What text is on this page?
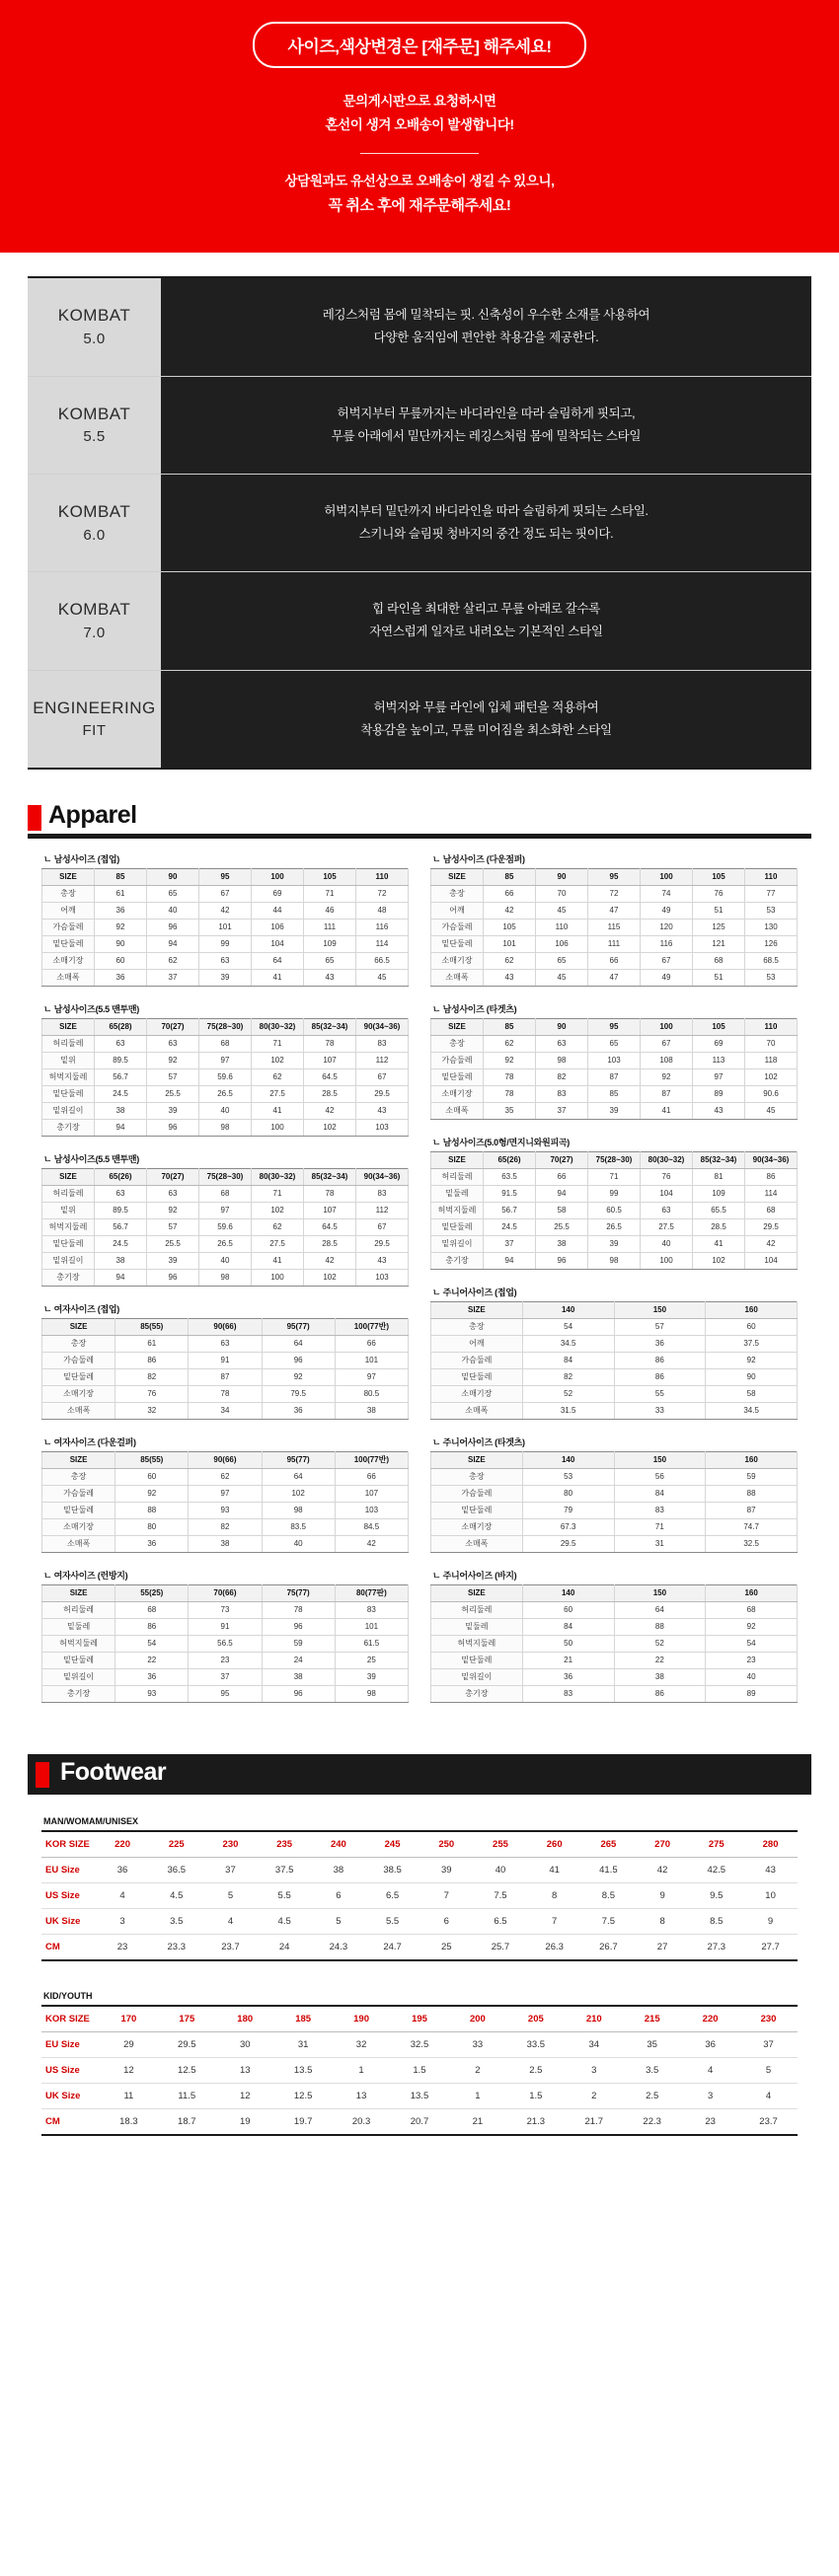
사이즈,색상변경은 [재주문] 해주세요!
문의게시판으로 요청하시면
혼선이 생겨 오배송이 발생합니다!
상담원과도 유선상으로 오배송이 생길 수 있으니,
꼭 취소 후에 재주문해주세요!
KOMBAT
5.0

레깅스처럼 몸에 밀착되는 핏. 신축성이 우수한 소재를 사용하여
다양한 움직임에 편안한 착용감을 제공한다.

KOMBAT
5.5

허벅지부터 무릎까지는 바디라인을 따라 슬림하게 핏되고,
무릎 아래에서 밑단까지는 레깅스처럼 몸에 밀착되는 스타일

KOMBAT
6.0

허벅지부터 밑단까지 바디라인을 따라 슬림하게 핏되는 스타일.
스키니와 슬림핏 청바지의 중간 정도 되는 핏이다.

KOMBAT
7.0

힙 라인을 최대한 살리고 무릎 아래로 갈수록
자연스럽게 일자로 내려오는 기본적인 스타일

ENGINEERING
FIT

허벅지와 무릎 라인에 입체 패턴을 적용하여
착용감을 높이고, 무릎 미어짐을 최소화한 스타일
Apparel
ㄴ 남성사이즈 (접업)
SIZE	85	90	95	100	105	110
총장	61	65	67	69	71	72
어깨	36	40	42	44	46	48
가슴둘레	92	96	101	106	111	116
밑단둘레	90	94	99	104	109	114
소매기장	60	62	63	64	65	66.5
소매폭	36	37	39	41	43	45
ㄴ 남성사이즈(5.5 맨투맨)
SIZE	65(28)	70(27)	75(28~30)	80(30~32)	85(32~34)	90(34~36)
허리둘레	63	63	68	71	78	83
밑위	89.5	92	97	102	107	112
허벅지둘레	56.7	57	59.6	62	64.5	67
밑단둘레	24.5	25.5	26.5	27.5	28.5	29.5
밑위길이	38	39	40	41	42	43
총기장	94	96	98	100	102	103
ㄴ 남성사이즈(5.5 맨투맨)
SIZE	65(26)	70(27)	75(28~30)	80(30~32)	85(32~34)	90(34~36)
허리둘레	63	63	68	71	78	83
밑위	89.5	92	97	102	107	112
허벅지둘레	56.7	57	59.6	62	64.5	67
밑단둘레	24.5	25.5	26.5	27.5	28.5	29.5
밑위길이	38	39	40	41	42	43
총기장	94	96	98	100	102	103
ㄴ 여자사이즈 (접업)
SIZE	85(55)	90(66)	95(77)	100(77반)
총장	61	63	64	66
가슴둘레	86	91	96	101
밑단둘레	82	87	92	97
소매기장	76	78	79.5	80.5
소매폭	32	34	36	38
ㄴ 여자사이즈 (다운걸퍼)
SIZE	85(55)	90(66)	95(77)	100(77반)
총장	60	62	64	66
가슴둘레	92	97	102	107
밑단둘레	88	93	98	103
소매기장	80	82	83.5	84.5
소매폭	36	38	40	42
ㄴ 여자사이즈 (런방지)
SIZE	55(25)	70(66)	75(77)	80(77판)
허리둘레	68	73	78	83
밑둘레	86	91	96	101
허벅지둘레	54	56.5	59	61.5
밑단둘레	22	23	24	25
밑위길이	36	37	38	39
총기장	93	95	96	98
ㄴ 남성사이즈 (다운점퍼)
SIZE	85	90	95	100	105	110
총장	66	70	72	74	76	77
어깨	42	45	47	49	51	53
가슴둘레	105	110	115	120	125	130
밑단둘레	101	106	111	116	121	126
소매기장	62	65	66	67	68	68.5
소매폭	43	45	47	49	51	53
ㄴ 남성사이즈 (타겟츠)
SIZE	85	90	95	100	105	110
총장	62	63	65	67	69	70
가슴둘레	92	98	103	108	113	118
밑단둘레	78	82	87	92	97	102
소매기장	78	83	85	87	89	90.6
소매폭	35	37	39	41	43	45
ㄴ 남성사이즈(5.0형/면지니와원피곡)
SIZE	65(26)	70(27)	75(28~30)	80(30~32)	85(32~34)	90(34~36)
허리둘레	63.5	66	71	76	81	86
밑둘레	91.5	94	99	104	109	114
허벅지둘레	56.7	58	60.5	63	65.5	68
밑단둘레	24.5	25.5	26.5	27.5	28.5	29.5
밑위길이	37	38	39	40	41	42
총기장	94	96	98	100	102	104
ㄴ 주니어사이즈 (접업)
SIZE	140	150	160
총장	54	57	60
어깨	34.5	36	37.5
가슴둘레	84	86	92
밑단둘레	82	86	90
소매기장	52	55	58
소매폭	31.5	33	34.5
ㄴ 주니어사이즈 (타겟츠)
SIZE	140	150	160
총장	53	56	59
가슴둘레	80	84	88
밑단둘레	79	83	87
소매기장	67.3	71	74.7
소매폭	29.5	31	32.5
ㄴ 주니어사이즈 (바지)
SIZE	140	150	160
허리둘레	60	64	68
밑둘레	84	88	92
허벅지둘레	50	52	54
밑단둘레	21	22	23
밑위길이	36	38	40
총기장	83	86	89
Footwear
MAN/WOMAM/UNISEX
KOR SIZE	220	225	230	235	240	245	250	255	260	265	270	275	280
EU Size	36	36.5	37	37.5	38	38.5	39	40	41	41.5	42	42.5	43
US Size	4	4.5	5	5.5	6	6.5	7	7.5	8	8.5	9	9.5	10
UK Size	3	3.5	4	4.5	5	5.5	6	6.5	7	7.5	8	8.5	9
CM	23	23.3	23.7	24	24.3	24.7	25	25.7	26.3	26.7	27	27.3	27.7
KID/YOUTH
KOR SIZE	170	175	180	185	190	195	200	205	210	215	220	230
EU Size	29	29.5	30	31	32	32.5	33	33.5	34	35	36	37
US Size	12	12.5	13	13.5	1	1.5	2	2.5	3	3.5	4	5
UK Size	11	11.5	12	12.5	13	13.5	1	1.5	2	2.5	3	4
CM	18.3	18.7	19	19.7	20.3	20.7	21	21.3	21.7	22.3	23	23.7
